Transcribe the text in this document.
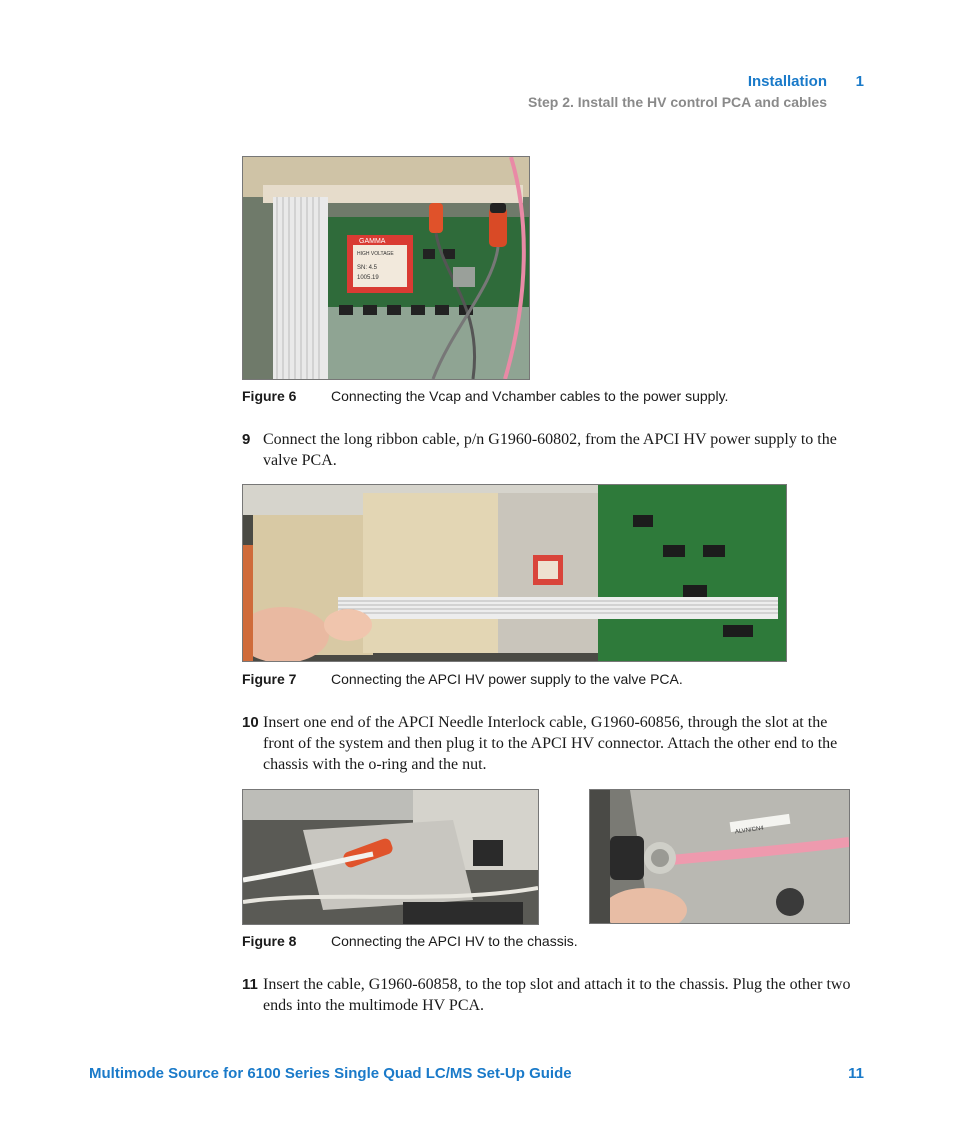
Installation	1
Step 2. Install the HV control PCA and cables
GAMMA
HIGH VOLTAGE
SN: 4.5
1005.19
Figure 6 Connecting the Vcap and Vchamber cables to the power supply.
9 Connect the long ribbon cable, p/n G1960-60802, from the APCI HV power supply to the valve PCA.
Figure 7 Connecting the APCI HV power supply to the valve PCA.
10 Insert one end of the APCI Needle Interlock cable, G1960-60856, through the slot at the front of the system and then plug it to the APCI HV connector. Attach the other end to the chassis with the o-ring and the nut.
ALVN/CN4
Figure 8 Connecting the APCI HV to the chassis.
11 Insert the cable, G1960-60858, to the top slot and attach it to the chassis. Plug the other two ends into the multimode HV PCA.
Multimode Source for 6100 Series Single Quad LC/MS Set-Up Guide	11
